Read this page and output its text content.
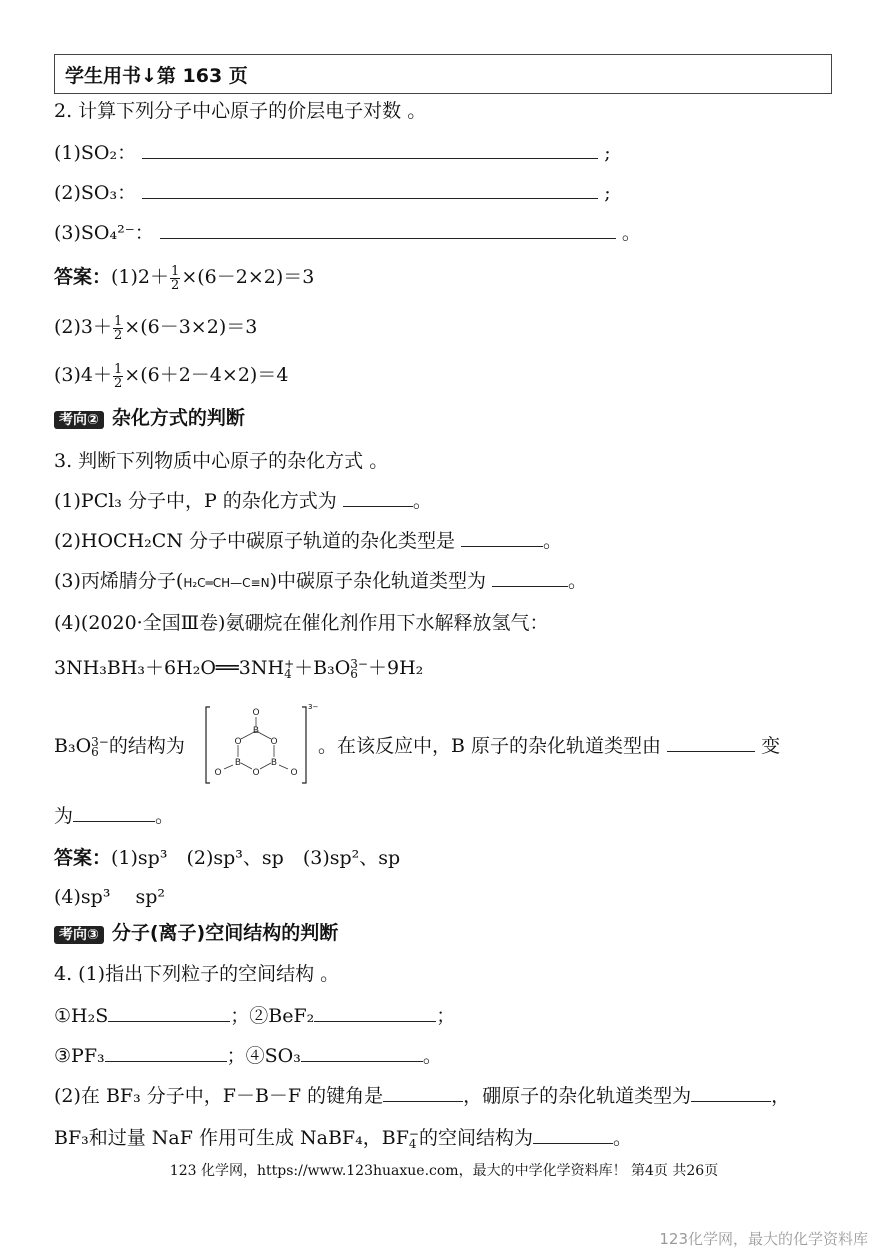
学生用书↓第 163 页
2. 计算下列分子中心原子的价层电子对数 。
(1)SO₂：	;
(2)SO₃：	;
(3)SO₄²⁻：	。
答案：$(1)2+ \frac{1}{2} \times(6-2\times 2)=3$
$(2)3+ \frac{1}{2} \times(6-3\times 2)=3$
$(3)4+ \frac{1}{2} \times(6+2-4\times 2)=4$
考向② 杂化方式的判断
3. 判断下列物质中心原子的杂化方式 。
(1)PCl₃ 分子中，P 的杂化方式为	。
(2)HOCH₂CN 分子中碳原子轨道的杂化类型是	。
(3)丙烯腈分子(H₂C═CH—C≡N)中碳原子杂化轨道类型为	。
(4)(2020·全国Ⅲ卷)氨硼烷在催化剂作用下水解释放氢气：
3NH₃BH₃＋6H₂O══3NH +
4 ＋B₃O 3−
6 ＋9H₂
B₃O 3−
6 的结构为
3−
O
B
O	O
B	B
O
O	O
。在该反应中，B 原子的杂化轨道类型由	变
为	。
答案：(1)sp³　(2)sp³、sp　(3)sp²、sp
(4)sp³　 sp²
考向③ 分子(离子)空间结构的判断
4. (1)指出下列粒子的空间结构 。
①H₂S	；②BeF₂	；
③PF₃	；④SO₃	。
(2)在 BF₃ 分子中，F－B－F 的键角是	，硼原子的杂化轨道类型为	，
BF₃和过量 NaF 作用可生成 NaBF₄，BF −
4 的空间结构为	。
123 化学网，https://www.123huaxue.com，最大的中学化学资料库！ 第4页 共26页
123化学网，最大的化学资料库
